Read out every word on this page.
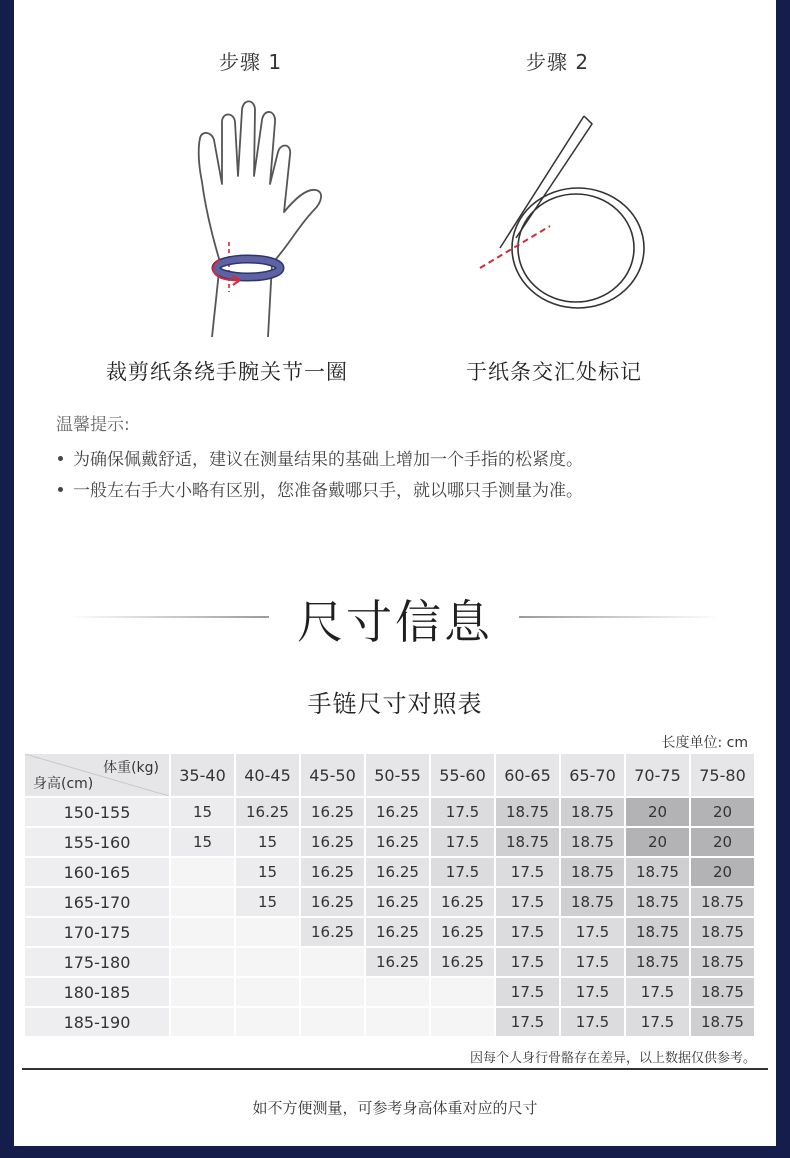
步骤 1	步骤 2
裁剪纸条绕手腕关节一圈	于纸条交汇处标记
温馨提示:
为确保佩戴舒适，建议在测量结果的基础上增加一个手指的松紧度。
一般左右手大小略有区别，您准备戴哪只手，就以哪只手测量为准。
尺寸信息
手链尺寸对照表
长度单位: cm
体重(kg)
身高(cm)	35-40	40-45	45-50	50-55	55-60	60-65	65-70	70-75	75-80
150-155	15	16.25	16.25	16.25	17.5	18.75	18.75	20	20
155-160	15	15	16.25	16.25	17.5	18.75	18.75	20	20
160-165		15	16.25	16.25	17.5	17.5	18.75	18.75	20
165-170		15	16.25	16.25	16.25	17.5	18.75	18.75	18.75
170-175			16.25	16.25	16.25	17.5	17.5	18.75	18.75
175-180				16.25	16.25	17.5	17.5	18.75	18.75
180-185						17.5	17.5	17.5	18.75
185-190						17.5	17.5	17.5	18.75
因每个人身行骨骼存在差异，以上数据仅供参考。
如不方便测量，可参考身高体重对应的尺寸
